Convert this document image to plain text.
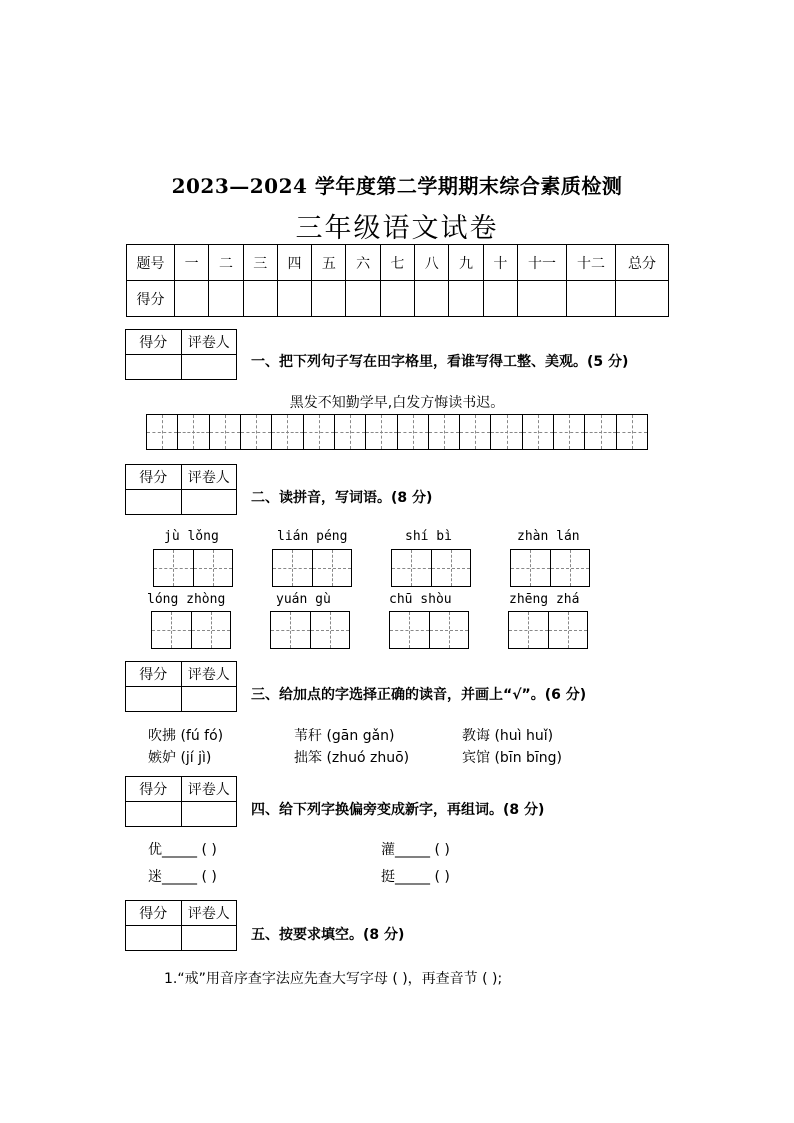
2023—2024 学年度第二学期期末综合素质检测
三年级语文试卷
题号	一	二	三	四	五	六	七	八	九	十	十一	十二	总分
得分													
得分	评卷人

一、把下列句子写在田字格里，看谁写得工整、美观。(5 分)
黑发不知勤学早,白发方悔读书迟。
得分	评卷人

二、读拼音，写词语。(8 分)
jù lǒng	lián péng	shí bì	zhàn lán
lóng zhòng	yuán gù	chū shòu	zhēng zhá
得分	评卷人

三、给加点的字选择正确的读音，并画上“√”。(6 分)
吹拂 (fú fó)	苇秆 (gān gǎn)	教诲 (huì huǐ)
嫉妒 (jí jì)	拙笨 (zhuó zhuō)	宾馆 (bīn bīng)
得分	评卷人

四、给下列字换偏旁变成新字，再组词。(8 分)
优_____ ( )	灌_____ ( )
迷_____ ( )	挺_____ ( )
得分	评卷人

五、按要求填空。(8 分)
1.“戒”用音序查字法应先查大写字母 ( )，再查音节 ( );
